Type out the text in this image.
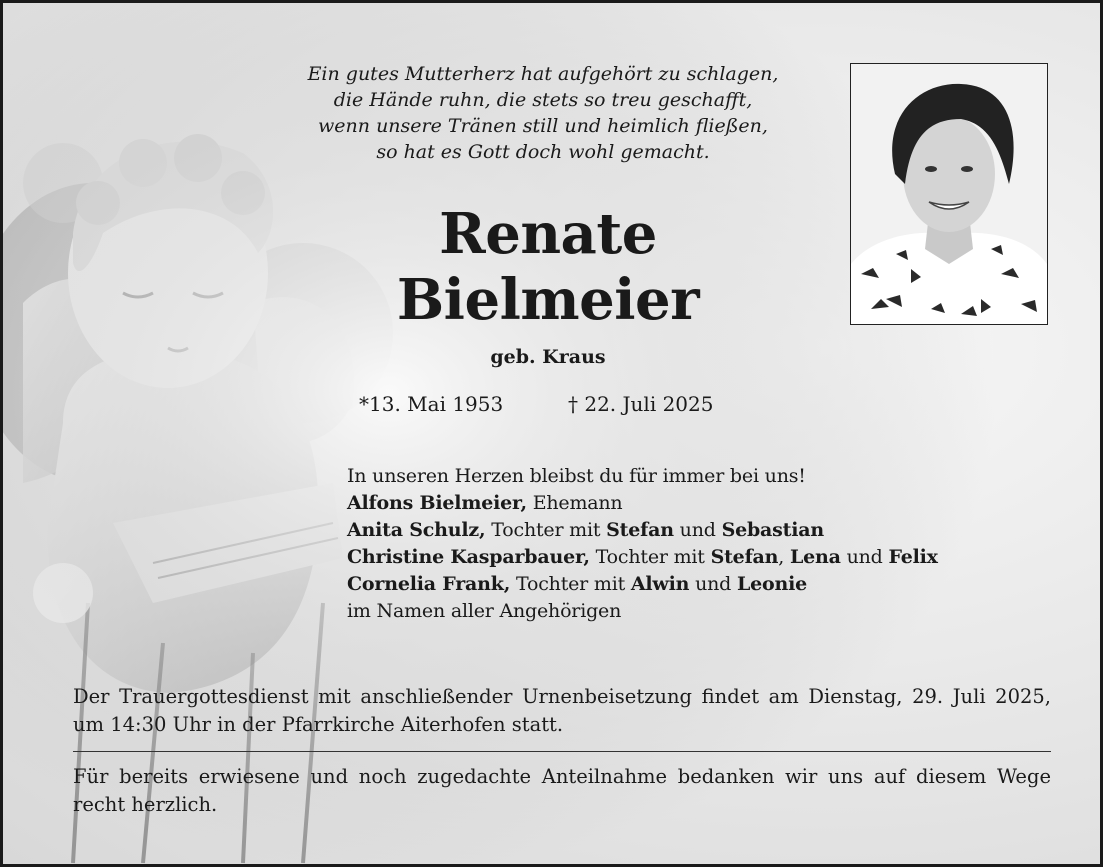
Ein gutes Mutterherz hat aufgehört zu schlagen,
die Hände ruhn, die stets so treu geschafft,
wenn unsere Tränen still und heimlich fließen,
so hat es Gott doch wohl gemacht.
Renate
Bielmeier
geb. Kraus
*13. Mai 1953	† 22. Juli 2025
In unseren Herzen bleibst du für immer bei uns!
Alfons Bielmeier, Ehemann
Anita Schulz, Tochter mit Stefan und Sebastian
Christine Kasparbauer, Tochter mit Stefan, Lena und Felix
Cornelia Frank, Tochter mit Alwin und Leonie
im Namen aller Angehörigen
Der Trauergottesdienst mit anschließender Urnenbeisetzung findet am Dienstag, 29. Juli 2025, um 14:30 Uhr in der Pfarrkirche Aiterhofen statt.
Für bereits erwiesene und noch zugedachte Anteilnahme bedanken wir uns auf diesem Wege recht herzlich.
